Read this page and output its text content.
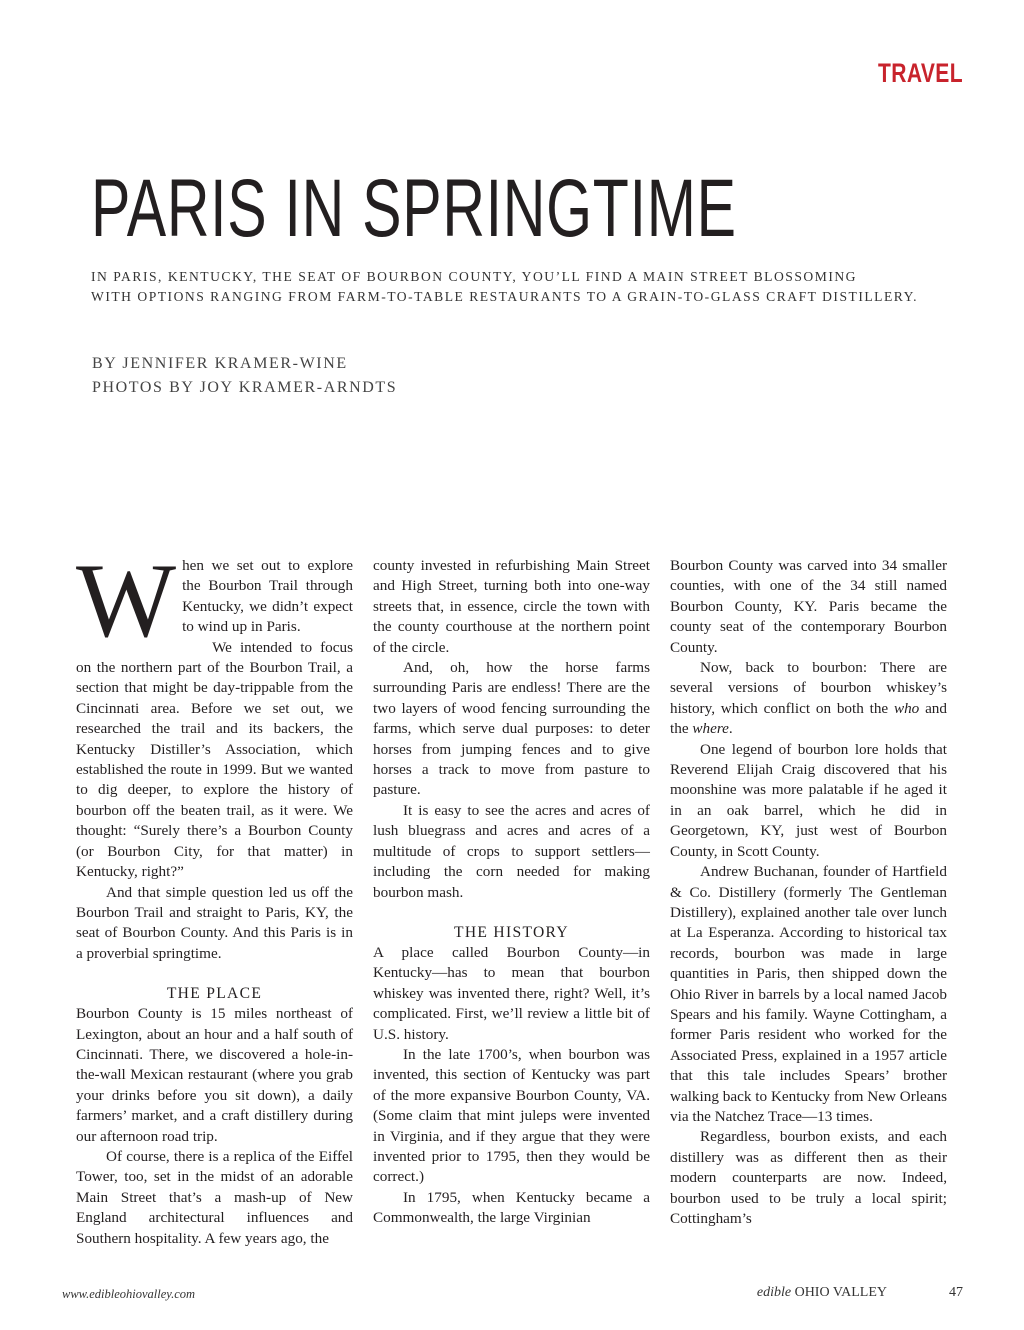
TRAVEL
PARIS IN SPRINGTIME
IN PARIS, KENTUCKY, THE SEAT OF BOURBON COUNTY, YOU’LL FIND A MAIN STREET BLOSSOMING
WITH OPTIONS RANGING FROM FARM-TO-TABLE RESTAURANTS TO A GRAIN-TO-GLASS CRAFT DISTILLERY.
BY JENNIFER KRAMER-WINE
PHOTOS BY JOY KRAMER-ARNDTS

When we set out to explore the Bourbon Trail through Kentucky, we didn’t expect to wind up in Paris.

We intended to focus on the northern part of the Bourbon Trail, a section that might be day-trippable from the Cincinnati area. Before we set out, we researched the trail and its backers, the Kentucky Distiller’s Association, which established the route in 1999. But we wanted to dig deeper, to explore the history of bourbon off the beaten trail, as it were. We thought: “Surely there’s a Bourbon County (or Bourbon City, for that matter) in Kentucky, right?”

And that simple question led us off the Bourbon Trail and straight to Paris, KY, the seat of Bourbon County. And this Paris is in a proverbial springtime.

THE PLACE

Bourbon County is 15 miles northeast of Lexington, about an hour and a half south of Cincinnati. There, we discovered a hole-in-the-wall Mexican restaurant (where you grab your drinks before you sit down), a daily farmers’ market, and a craft distillery during our afternoon road trip.

Of course, there is a replica of the Eiffel Tower, too, set in the midst of an adorable Main Street that’s a mash-up of New England architectural influences and Southern hospitality. A few years ago, the

county invested in refurbishing Main Street and High Street, turning both into one-way streets that, in essence, circle the town with the county courthouse at the northern point of the circle.

And, oh, how the horse farms surrounding Paris are endless! There are the two layers of wood fencing surrounding the farms, which serve dual purposes: to deter horses from jumping fences and to give horses a track to move from pasture to pasture.

It is easy to see the acres and acres of lush bluegrass and acres and acres of a multitude of crops to support settlers—including the corn needed for making bourbon mash.

THE HISTORY

A place called Bourbon County—in Kentucky—has to mean that bourbon whiskey was invented there, right? Well, it’s complicated. First, we’ll review a little bit of U.S. history.

In the late 1700’s, when bourbon was invented, this section of Kentucky was part of the more expansive Bourbon County, VA. (Some claim that mint juleps were invented in Virginia, and if they argue that they were invented prior to 1795, then they would be correct.)

In 1795, when Kentucky became a Commonwealth, the large Virginian

Bourbon County was carved into 34 smaller counties, with one of the 34 still named Bourbon County, KY. Paris became the county seat of the contemporary Bourbon County.

Now, back to bourbon: There are several versions of bourbon whiskey’s history, which conflict on both the who and the where.

One legend of bourbon lore holds that Reverend Elijah Craig discovered that his moonshine was more palatable if he aged it in an oak barrel, which he did in Georgetown, KY, just west of Bourbon County, in Scott County.

Andrew Buchanan, founder of Hartfield & Co. Distillery (formerly The Gentleman Distillery), explained another tale over lunch at La Esperanza. According to historical tax records, bourbon was made in large quantities in Paris, then shipped down the Ohio River in barrels by a local named Jacob Spears and his family. Wayne Cottingham, a former Paris resident who worked for the Associated Press, explained in a 1957 article that this tale includes Spears’ brother walking back to Kentucky from New Orleans via the Natchez Trace—13 times.

Regardless, bourbon exists, and each distillery was as different then as their modern counterparts are now. Indeed, bourbon used to be truly a local spirit; Cottingham’s

www.edibleohiovalley.com	edible OHIO VALLEY	47
